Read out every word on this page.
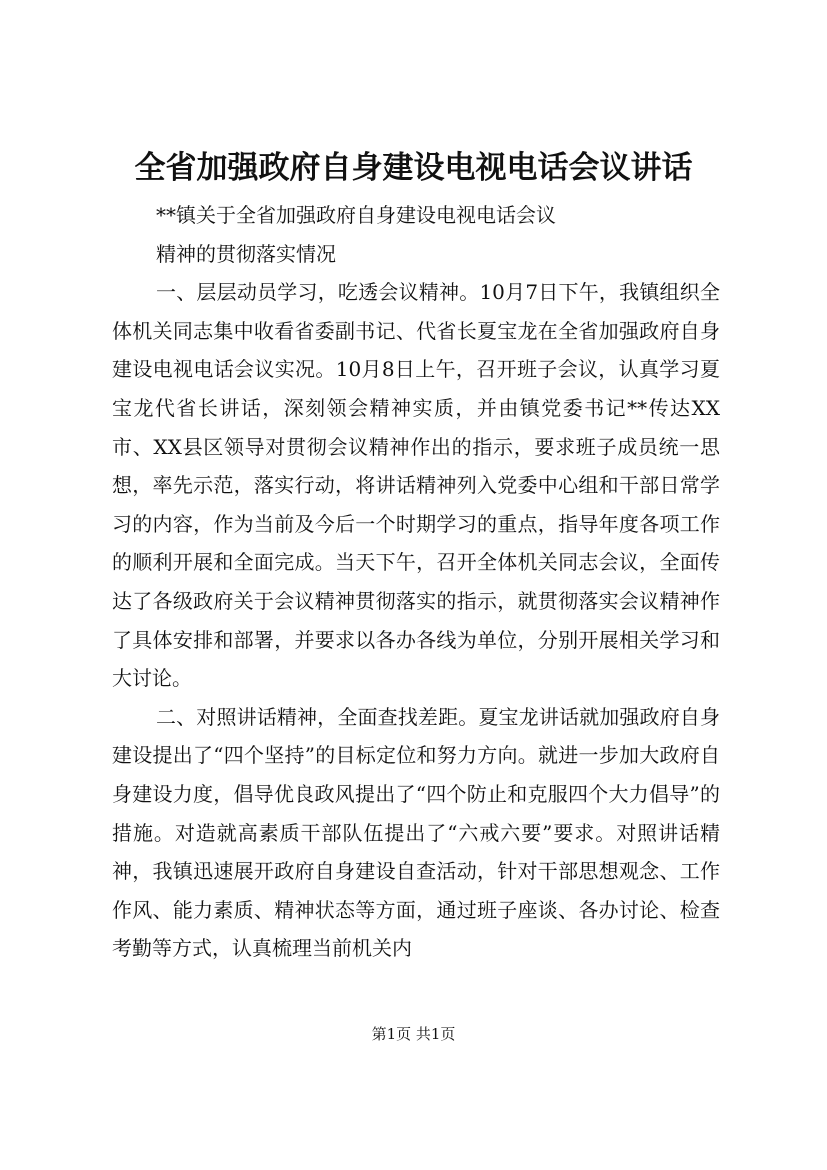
全省加强政府自身建设电视电话会议讲话

**镇关于全省加强政府自身建设电视电话会议

精神的贯彻落实情况

一、层层动员学习，吃透会议精神。10月7日下午，我镇组织全体机关同志集中收看省委副书记、代省长夏宝龙在全省加强政府自身建设电视电话会议实况。10月8日上午，召开班子会议，认真学习夏宝龙代省长讲话，深刻领会精神实质，并由镇党委书记**传达XX市、XX县区领导对贯彻会议精神作出的指示，要求班子成员统一思想，率先示范，落实行动，将讲话精神列入党委中心组和干部日常学习的内容，作为当前及今后一个时期学习的重点，指导年度各项工作的顺利开展和全面完成。当天下午，召开全体机关同志会议，全面传达了各级政府关于会议精神贯彻落实的指示，就贯彻落实会议精神作了具体安排和部署，并要求以各办各线为单位，分别开展相关学习和大讨论。

二、对照讲话精神，全面查找差距。夏宝龙讲话就加强政府自身建设提出了“四个坚持”的目标定位和努力方向。就进一步加大政府自身建设力度，倡导优良政风提出了“四个防止和克服四个大力倡导”的措施。对造就高素质干部队伍提出了“六戒六要”要求。对照讲话精神，我镇迅速展开政府自身建设自查活动，针对干部思想观念、工作作风、能力素质、精神状态等方面，通过班子座谈、各办讨论、检查考勤等方式，认真梳理当前机关内

第1页 共1页
